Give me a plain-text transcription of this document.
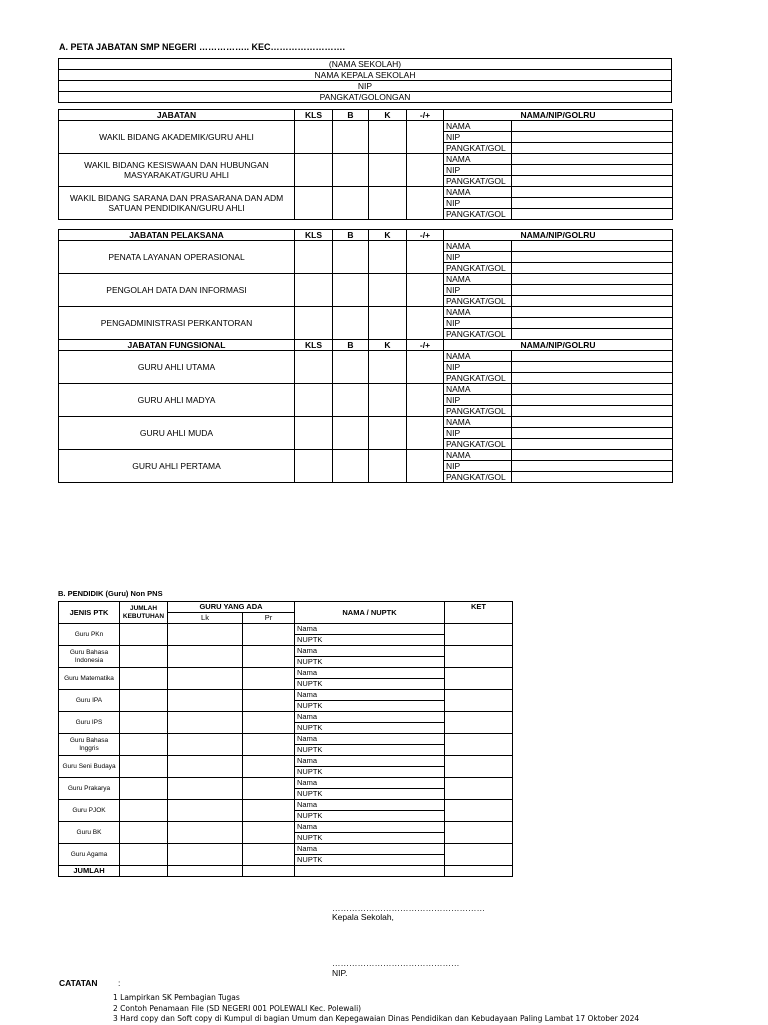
A. PETA JABATAN SMP NEGERI …………….. KEC…………………….
(NAMA SEKOLAH)
NAMA KEPALA SEKOLAH
NIP
PANGKAT/GOLONGAN
JABATAN	KLS	B	K	-/+	NAMA/NIP/GOLRU	
WAKIL BIDANG AKADEMIK/GURU AHLI					NAMA	
					NIP	
					PANGKAT/GOL	
WAKIL BIDANG KESISWAAN DAN HUBUNGAN MASYARAKAT/GURU AHLI					NAMA	
					NIP	
					PANGKAT/GOL	
WAKIL BIDANG SARANA DAN PRASARANA DAN ADM SATUAN PENDIDIKAN/GURU AHLI					NAMA	
					NIP	
					PANGKAT/GOL	

JABATAN PELAKSANA	KLS	B	K	-/+	NAMA/NIP/GOLRU	
PENATA LAYANAN OPERASIONAL					NAMA	
					NIP	
					PANGKAT/GOL	
PENGOLAH DATA DAN INFORMASI					NAMA	
					NIP	
					PANGKAT/GOL	
PENGADMINISTRASI PERKANTORAN					NAMA	
					NIP	
					PANGKAT/GOL	
JABATAN FUNGSIONAL	KLS	B	K	-/+	NAMA/NIP/GOLRU	
GURU AHLI UTAMA					NAMA	
					NIP	
					PANGKAT/GOL	
GURU AHLI MADYA					NAMA	
					NIP	
					PANGKAT/GOL	
GURU AHLI MUDA					NAMA	
					NIP	
					PANGKAT/GOL	
GURU AHLI PERTAMA					NAMA	
					NIP	
					PANGKAT/GOL	
B. PENDIDIK (Guru) Non PNS
JENIS PTK	JUMLAH KEBUTUHAN	GURU YANG ADA		NAMA / NUPTK	KET
		Lk	Pr		
Guru PKn				Nama	
				NUPTK	
Guru Bahasa Indonesia				Nama	
				NUPTK	
Guru Matematika				Nama	
				NUPTK	
Guru IPA				Nama	
				NUPTK	
Guru IPS				Nama	
				NUPTK	
Guru Bahasa Inggris				Nama	
				NUPTK	
Guru Seni Budaya				Nama	
				NUPTK	
Guru Prakarya				Nama	
				NUPTK	
Guru PJOK				Nama	
				NUPTK	
Guru BK				Nama	
				NUPTK	
Guru Agama				Nama	
				NUPTK	
JUMLAH					
………………………………………………
Kepala Sekolah,
………………………………………
NIP.
CATATAN :
1 Lampirkan SK Pembagian Tugas
2 Contoh Penamaan File (SD NEGERI 001 POLEWALI Kec. Polewali)
3 Hard copy dan Soft copy di Kumpul di bagian Umum dan Kepegawaian Dinas Pendidikan dan Kebudayaan Paling Lambat 17 Oktober 2024
